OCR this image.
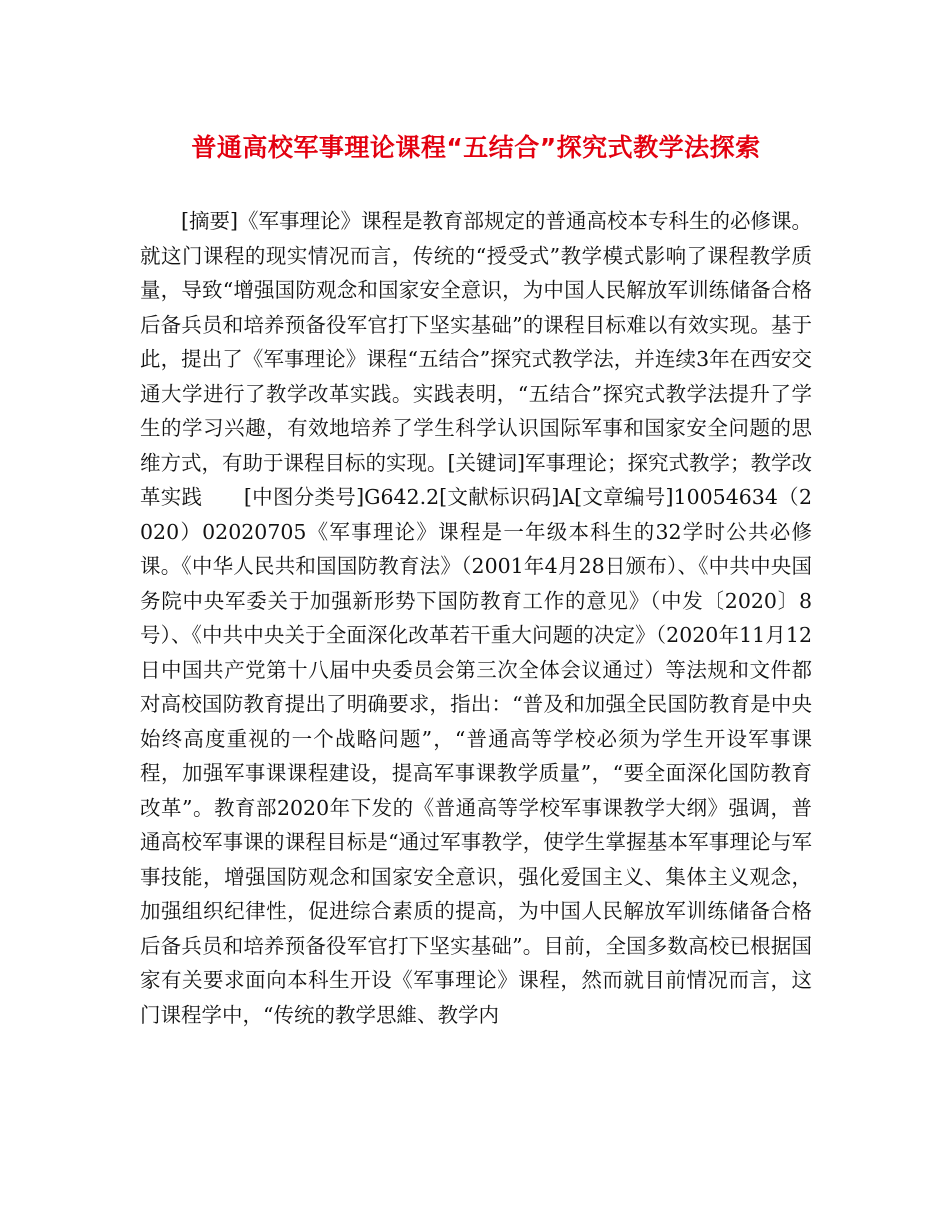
普通高校军事理论课程“五结合”探究式教学法探索

[摘要]《军事理论》课程是教育部规定的普通高校本专科生的必修课。就这门课程的现实情况而言，传统的“授受式”教学模式影响了课程教学质量，导致“增强国防观念和国家安全意识，为中国人民解放军训练储备合格后备兵员和培养预备役军官打下坚实基础”的课程目标难以有效实现。基于此，提出了《军事理论》课程“五结合”探究式教学法，并连续3年在西安交通大学进行了教学改革实践。实践表明，“五结合”探究式教学法提升了学生的学习兴趣，有效地培养了学生科学认识国际军事和国家安全问题的思维方式，有助于课程目标的实现。[关键词]军事理论；探究式教学；教学改革实践　　[中图分类号]G642.2[文献标识码]A[文章编号]10054634（2020）02020705《军事理论》课程是一年级本科生的32学时公共必修课。《中华人民共和国国防教育法》（2001年4月28日颁布）、《中共中央国务院中央军委关于加强新形势下国防教育工作的意见》（中发〔2020〕8号）、《中共中央关于全面深化改革若干重大问题的决定》（2020年11月12日中国共产党第十八届中央委员会第三次全体会议通过）等法规和文件都对高校国防教育提出了明确要求，指出：“普及和加强全民国防教育是中央始终高度重视的一个战略问题”，“普通高等学校必须为学生开设军事课程，加强军事课课程建设，提高军事课教学质量”，“要全面深化国防教育改革”。教育部2020年下发的《普通高等学校军事课教学大纲》强调，普通高校军事课的课程目标是“通过军事教学，使学生掌握基本军事理论与军事技能，增强国防观念和国家安全意识，强化爱国主义、集体主义观念，加强组织纪律性，促进综合素质的提高，为中国人民解放军训练储备合格后备兵员和培养预备役军官打下坚实基础”。目前，全国多数高校已根据国家有关要求面向本科生开设《军事理论》课程，然而就目前情况而言，这门课程学中，“传统的教学思維、教学内
